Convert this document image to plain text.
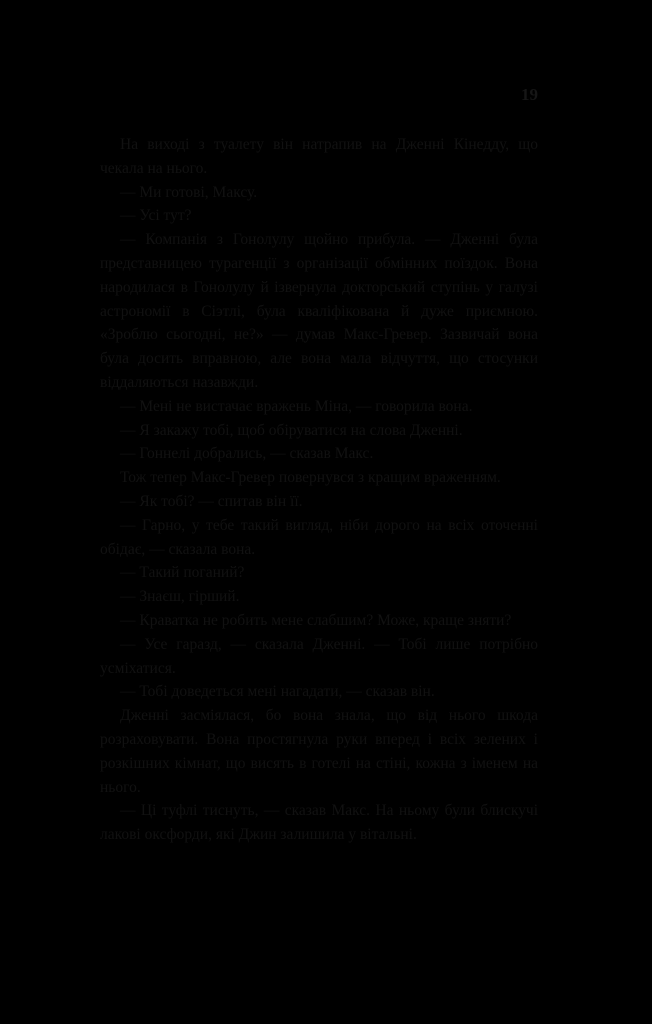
19

На виході з туалету він натрапив на Дженні Кінедду, що чекала на нього.

— Ми готові, Максу.

— Усі тут?

— Компанія з Гонолулу щойно прибула. — Дженні була представницею турагенції з організації обмінних поїздок. Вона народилася в Гонолулу й ізвернула докторський ступінь у галузі астрономії в Сіэтлі, була кваліфікована й дуже приємною. «Зроблю сьогодні, не?» — думав Макс-Гревер. Зазвичай вона була досить вправною, але вона мала відчуття, що стосунки віддаляються назавжди.

— Мені не вистачає вражень Міна, — говорила вона.

— Я закажу тобі, щоб обіруватися на слова Дженні.

— Гоннелі добрались, — сказав Макс.

Тож тепер Макс-Гревер повернувся з кращим враженням.

— Як тобі? — спитав він її.

— Гарно, у тебе такий вигляд, ніби дорого на всіх оточенні обідає, — сказала вона.

— Такий поганий?

— Знаєш, гірший.

— Краватка не робить мене слабшим? Може, краще зняти?

— Усе гаразд, — сказала Дженні. — Тобі лише потрібно усміхатися.

— Тобі доведеться мені нагадати, — сказав він.

Дженні засміялася, бо вона знала, що від нього шкода розраховувати. Вона простягнула руки вперед і всіх зелених і розкішних кімнат, що висять в готелі на стіні, кожна з іменем на нього.

— Ці туфлі тиснуть, — сказав Макс. На ньому були блискучі лакові оксфорди, які Джин залишила у вітальні.
